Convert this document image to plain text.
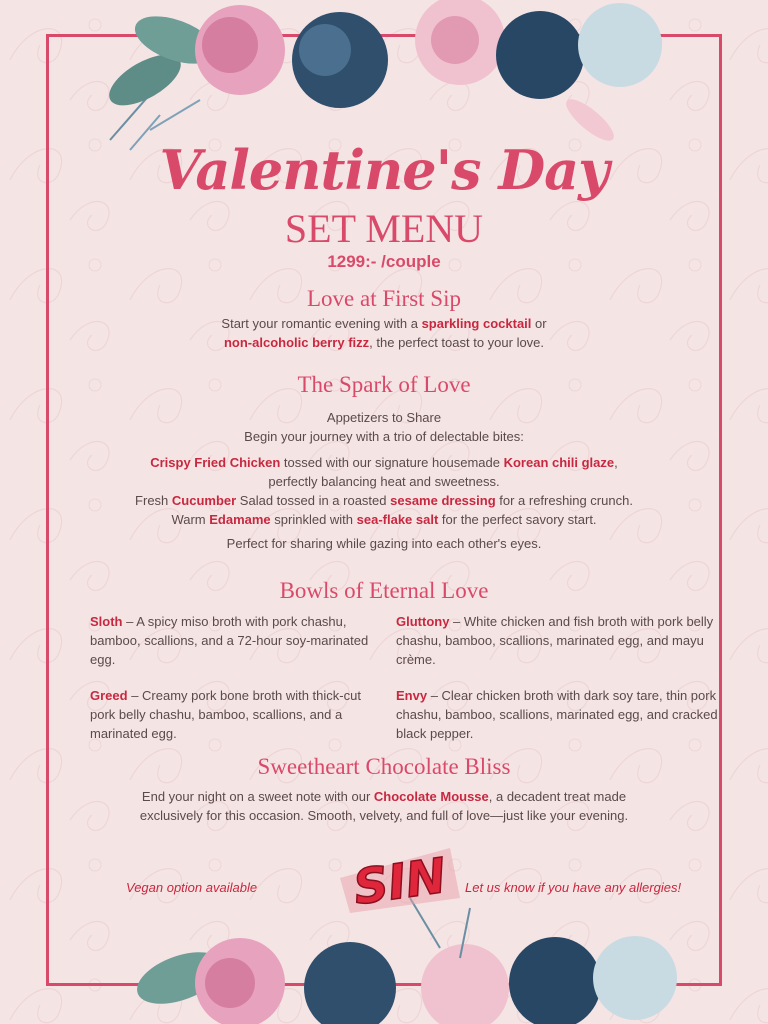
Valentine's Day
SET MENU
1299:- /couple
Love at First Sip
Start your romantic evening with a sparkling cocktail or
non-alcoholic berry fizz, the perfect toast to your love.
The Spark of Love
Appetizers to Share
Begin your journey with a trio of delectable bites:
Crispy Fried Chicken tossed with our signature housemade Korean chili glaze,
perfectly balancing heat and sweetness.
Fresh Cucumber Salad tossed in a roasted sesame dressing for a refreshing crunch.
Warm Edamame sprinkled with sea-flake salt for the perfect savory start.
Perfect for sharing while gazing into each other's eyes.
Bowls of Eternal Love
Sloth – A spicy miso broth with pork chashu, bamboo, scallions, and a 72-hour soy-marinated egg.
Gluttony – White chicken and fish broth with pork belly chashu, bamboo, scallions, marinated egg, and mayu crème.
Greed – Creamy pork bone broth with thick-cut pork belly chashu, bamboo, scallions, and a marinated egg.
Envy – Clear chicken broth with dark soy tare, thin pork chashu, bamboo, scallions, marinated egg, and cracked black pepper.
Sweetheart Chocolate Bliss
End your night on a sweet note with our Chocolate Mousse, a decadent treat made
exclusively for this occasion. Smooth, velvety, and full of love—just like your evening.
Vegan option available SIN Let us know if you have any allergies!
